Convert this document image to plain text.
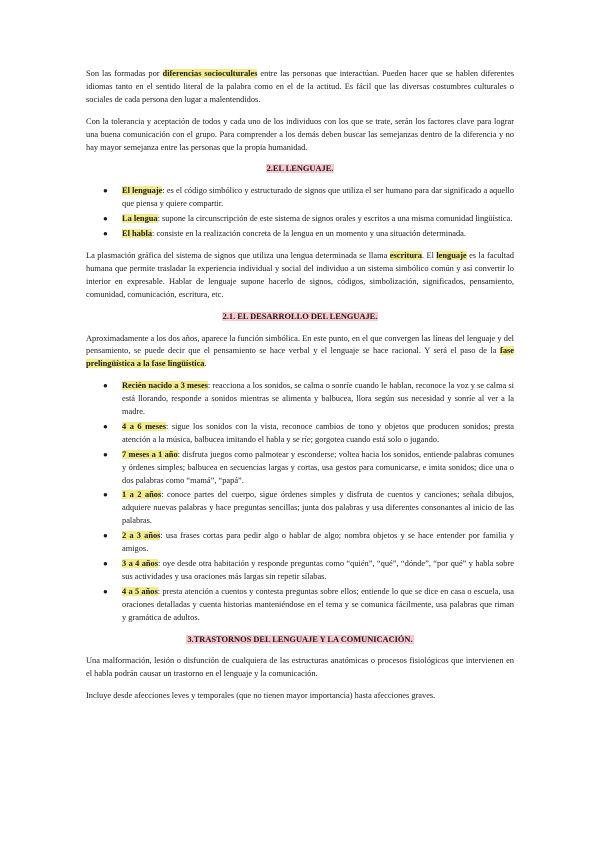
Son las formadas por diferencias socioculturales entre las personas que interactúan. Pueden hacer que se hablen diferentes idiomas tanto en el sentido literal de la palabra como en el de la actitud. Es fácil que las diversas costumbres culturales o sociales de cada persona den lugar a malentendidos.

Con la tolerancia y aceptación de todos y cada uno de los individuos con los que se trate, serán los factores clave para lograr una buena comunicación con el grupo. Para comprender a los demás deben buscar las semejanzas dentro de la diferencia y no hay mayor semejanza entre las personas que la propia humanidad.

2.EL LENGUAJE.
● El lenguaje: es el código simbólico y estructurado de signos que utiliza el ser humano para dar significado a aquello que piensa y quiere compartir.
● La lengua: supone la circunscripción de este sistema de signos orales y escritos a una misma comunidad lingüística.
● El habla: consiste en la realización concreta de la lengua en un momento y una situación determinada.

La plasmación gráfica del sistema de signos que utiliza una lengua determinada se llama escritura. El lenguaje es la facultad humana que permite trasladar la experiencia individual y social del individuo a un sistema simbólico común y así convertir lo interior en expresable. Hablar de lenguaje supone hacerlo de signos, códigos, simbolización, significados, pensamiento, comunidad, comunicación, escritura, etc.

2.1. EL DESARROLLO DEL LENGUAJE.

Aproximadamente a los dos años, aparece la función simbólica. En este punto, en el que convergen las líneas del lenguaje y del pensamiento, se puede decir que el pensamiento se hace verbal y el lenguaje se hace racional. Y será el paso de la fase prelingüística a la fase lingüística.

● Recién nacido a 3 meses: reacciona a los sonidos, se calma o sonríe cuando le hablan, reconoce la voz y se calma si está llorando, responde a sonidos mientras se alimenta y balbucea, llora según sus necesidad y sonríe al ver a la madre.
● 4 a 6 meses: sigue los sonidos con la vista, reconoce cambios de tono y objetos que producen sonidos; presta atención a la música, balbucea imitando el habla y se ríe; gorgotea cuando está solo o jugando.
● 7 meses a 1 año: disfruta juegos como palmotear y esconderse; voltea hacia los sonidos, entiende palabras comunes y órdenes simples; balbucea en secuencias largas y cortas, usa gestos para comunicarse, e imita sonidos; dice una o dos palabras como “mamá”, “papá”.
● 1 a 2 años: conoce partes del cuerpo, sigue órdenes simples y disfruta de cuentos y canciones; señala dibujos, adquiere nuevas palabras y hace preguntas sencillas; junta dos palabras y usa diferentes consonantes al inicio de las palabras.
● 2 a 3 años: usa frases cortas para pedir algo o hablar de algo; nombra objetos y se hace entender por familia y amigos.
● 3 a 4 años: oye desde otra habitación y responde preguntas como “quién”, “qué”, “dónde”, “por qué” y habla sobre sus actividades y usa oraciones más largas sin repetir sílabas.
● 4 a 5 años: presta atención a cuentos y contesta preguntas sobre ellos; entiende lo que se dice en casa o escuela, usa oraciones detalladas y cuenta historias manteniéndose en el tema y se comunica fácilmente, usa palabras que riman y gramática de adultos.
3.TRASTORNOS DEL LENGUAJE Y LA COMUNICACIÓN.

Una malformación, lesión o disfunción de cualquiera de las estructuras anatómicas o procesos fisiológicos que intervienen en el habla podrán causar un trastorno en el lenguaje y la comunicación.

Incluye desde afecciones leves y temporales (que no tienen mayor importancia) hasta afecciones graves.
